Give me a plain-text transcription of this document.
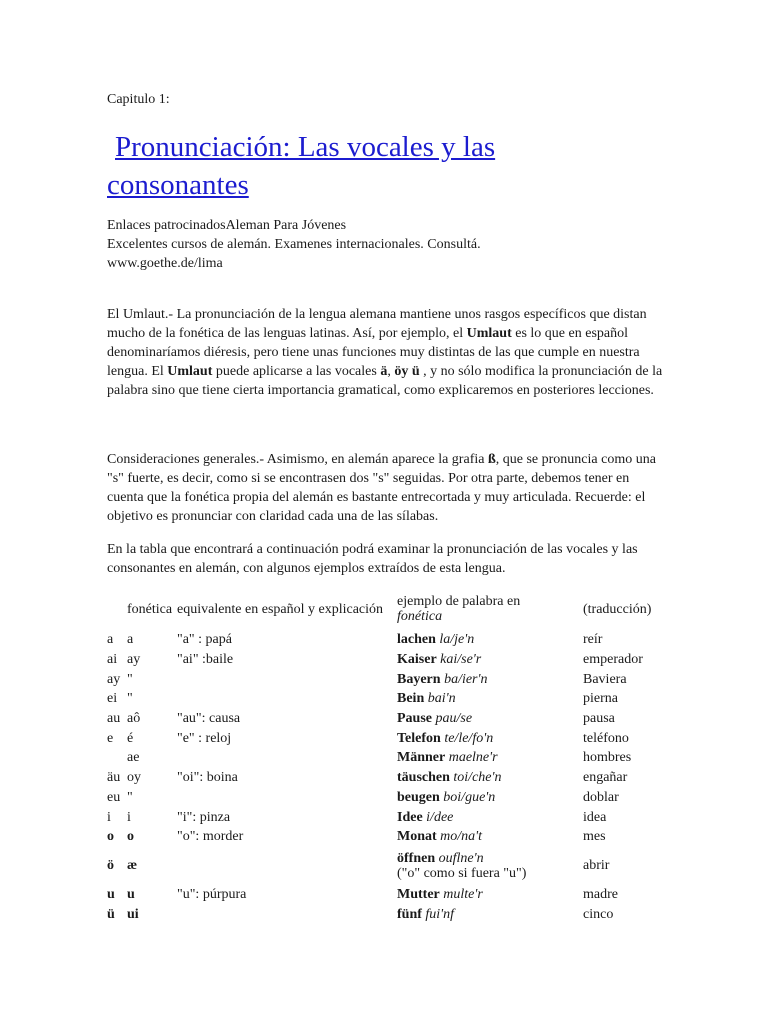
Capitulo 1:
Pronunciación: Las vocales y las
consonantes
Enlaces patrocinadosAleman Para Jóvenes
Excelentes cursos de alemán. Examenes internacionales. Consultá.
www.goethe.de/lima

El Umlaut.- La pronunciación de la lengua alemana mantiene unos rasgos específicos que distan mucho de la fonética de las lenguas latinas. Así, por ejemplo, el Umlaut es lo que en español denominaríamos diéresis, pero tiene unas funciones muy distintas de las que cumple en nuestra lengua. El Umlaut puede aplicarse a las vocales ä, öy ü , y no sólo modifica la pronunciación de la palabra sino que tiene cierta importancia gramatical, como explicaremos en posteriores lecciones.

Consideraciones generales.- Asimismo, en alemán aparece la grafia ß, que se pronuncia como una "s" fuerte, es decir, como si se encontrasen dos "s" seguidas. Por otra parte, debemos tener en cuenta que la fonética propia del alemán es bastante entrecortada y muy articulada. Recuerde: el objetivo es pronunciar con claridad cada una de las sílabas.

En la tabla que encontrará a continuación podrá examinar la pronunciación de las vocales y las consonantes en alemán, con algunos ejemplos extraídos de esta lengua.

	fonética	equivalente en español y explicación	ejemplo de palabra en
fonética	(traducción)
a	a	"a" : papá	lachen la/je'n	reír
ai	ay	"ai" :baile	Kaiser kai/se'r	emperador
ay	"		Bayern ba/ier'n	Baviera
ei	"		Bein bai'n	pierna
au	aô	"au": causa	Pause pau/se	pausa
e	é	"e" : reloj	Telefon te/le/fo'n	teléfono
	ae		Männer maelne'r	hombres
äu	oy	"oi": boina	täuschen toi/che'n	engañar
eu	"		beugen boi/gue'n	doblar
i	i	"i": pinza	Idee i/dee	idea
o	o	"o": morder	Monat mo/na't	mes
ö	æ		öffnen ouflne'n
("o" como si fuera "u")	abrir
u	u	"u": púrpura	Mutter multe'r	madre
ü	ui		fünf fui'nf	cinco
